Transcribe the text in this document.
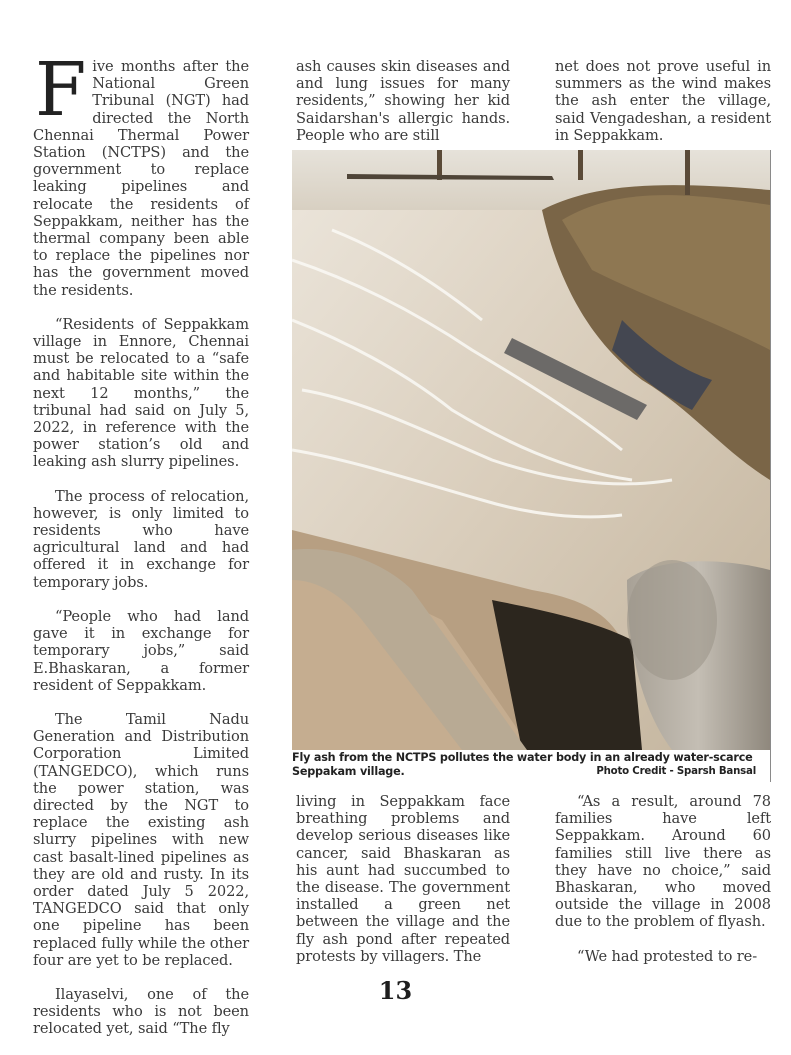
Five months after the National Green Tribunal (NGT) had directed the North Chennai Thermal Power Station (NCTPS) and the government to replace leaking pipelines and relocate the residents of Seppakkam, neither has the thermal company been able to replace the pipelines nor has the government moved the residents.

“Residents of Seppakkam village in Ennore, Chennai must be relocated to a “safe and habitable site within the next 12 months,” the tribunal had said on July 5, 2022, in reference with the power station’s old and leaking ash slurry pipelines.

The process of relocation, however, is only limited to residents who have agricultural land and had offered it in exchange for temporary jobs.

“People who had land gave it in exchange for temporary jobs,” said E.Bhaskaran, a former resident of Seppakkam.

The Tamil Nadu Generation and Distribution Corporation Limited (TANGEDCO), which runs the power station, was directed by the NGT to replace the existing ash slurry pipelines with new cast basalt-lined pipelines as they are old and rusty. In its order dated July 5 2022, TANGEDCO said that only one pipeline has been replaced fully while the other four are yet to be replaced.

Ilayaselvi, one of the residents who is not been relocated yet, said “The fly

ash causes skin diseases and and lung issues for many residents,” showing her kid Saidarshan's allergic hands. People who are still

net does not prove useful in summers as the wind makes the ash enter the village, said Vengadeshan, a resident in Seppakkam.

Fly ash from the NCTPS pollutes the water body in an already water-scarce Seppakam village.	Photo Credit - Sparsh Bansal

living in Seppakkam face breathing problems and develop serious diseases like cancer, said Bhaskaran as his aunt had succumbed to the disease. The government installed a green net between the village and the fly ash pond after repeated protests by villagers. The

“As a result, around 78 families have left Seppakkam. Around 60 families still live there as they have no choice,” said Bhaskaran, who moved outside the village in 2008 due to the problem of flyash.

“We had protested to re-

13
